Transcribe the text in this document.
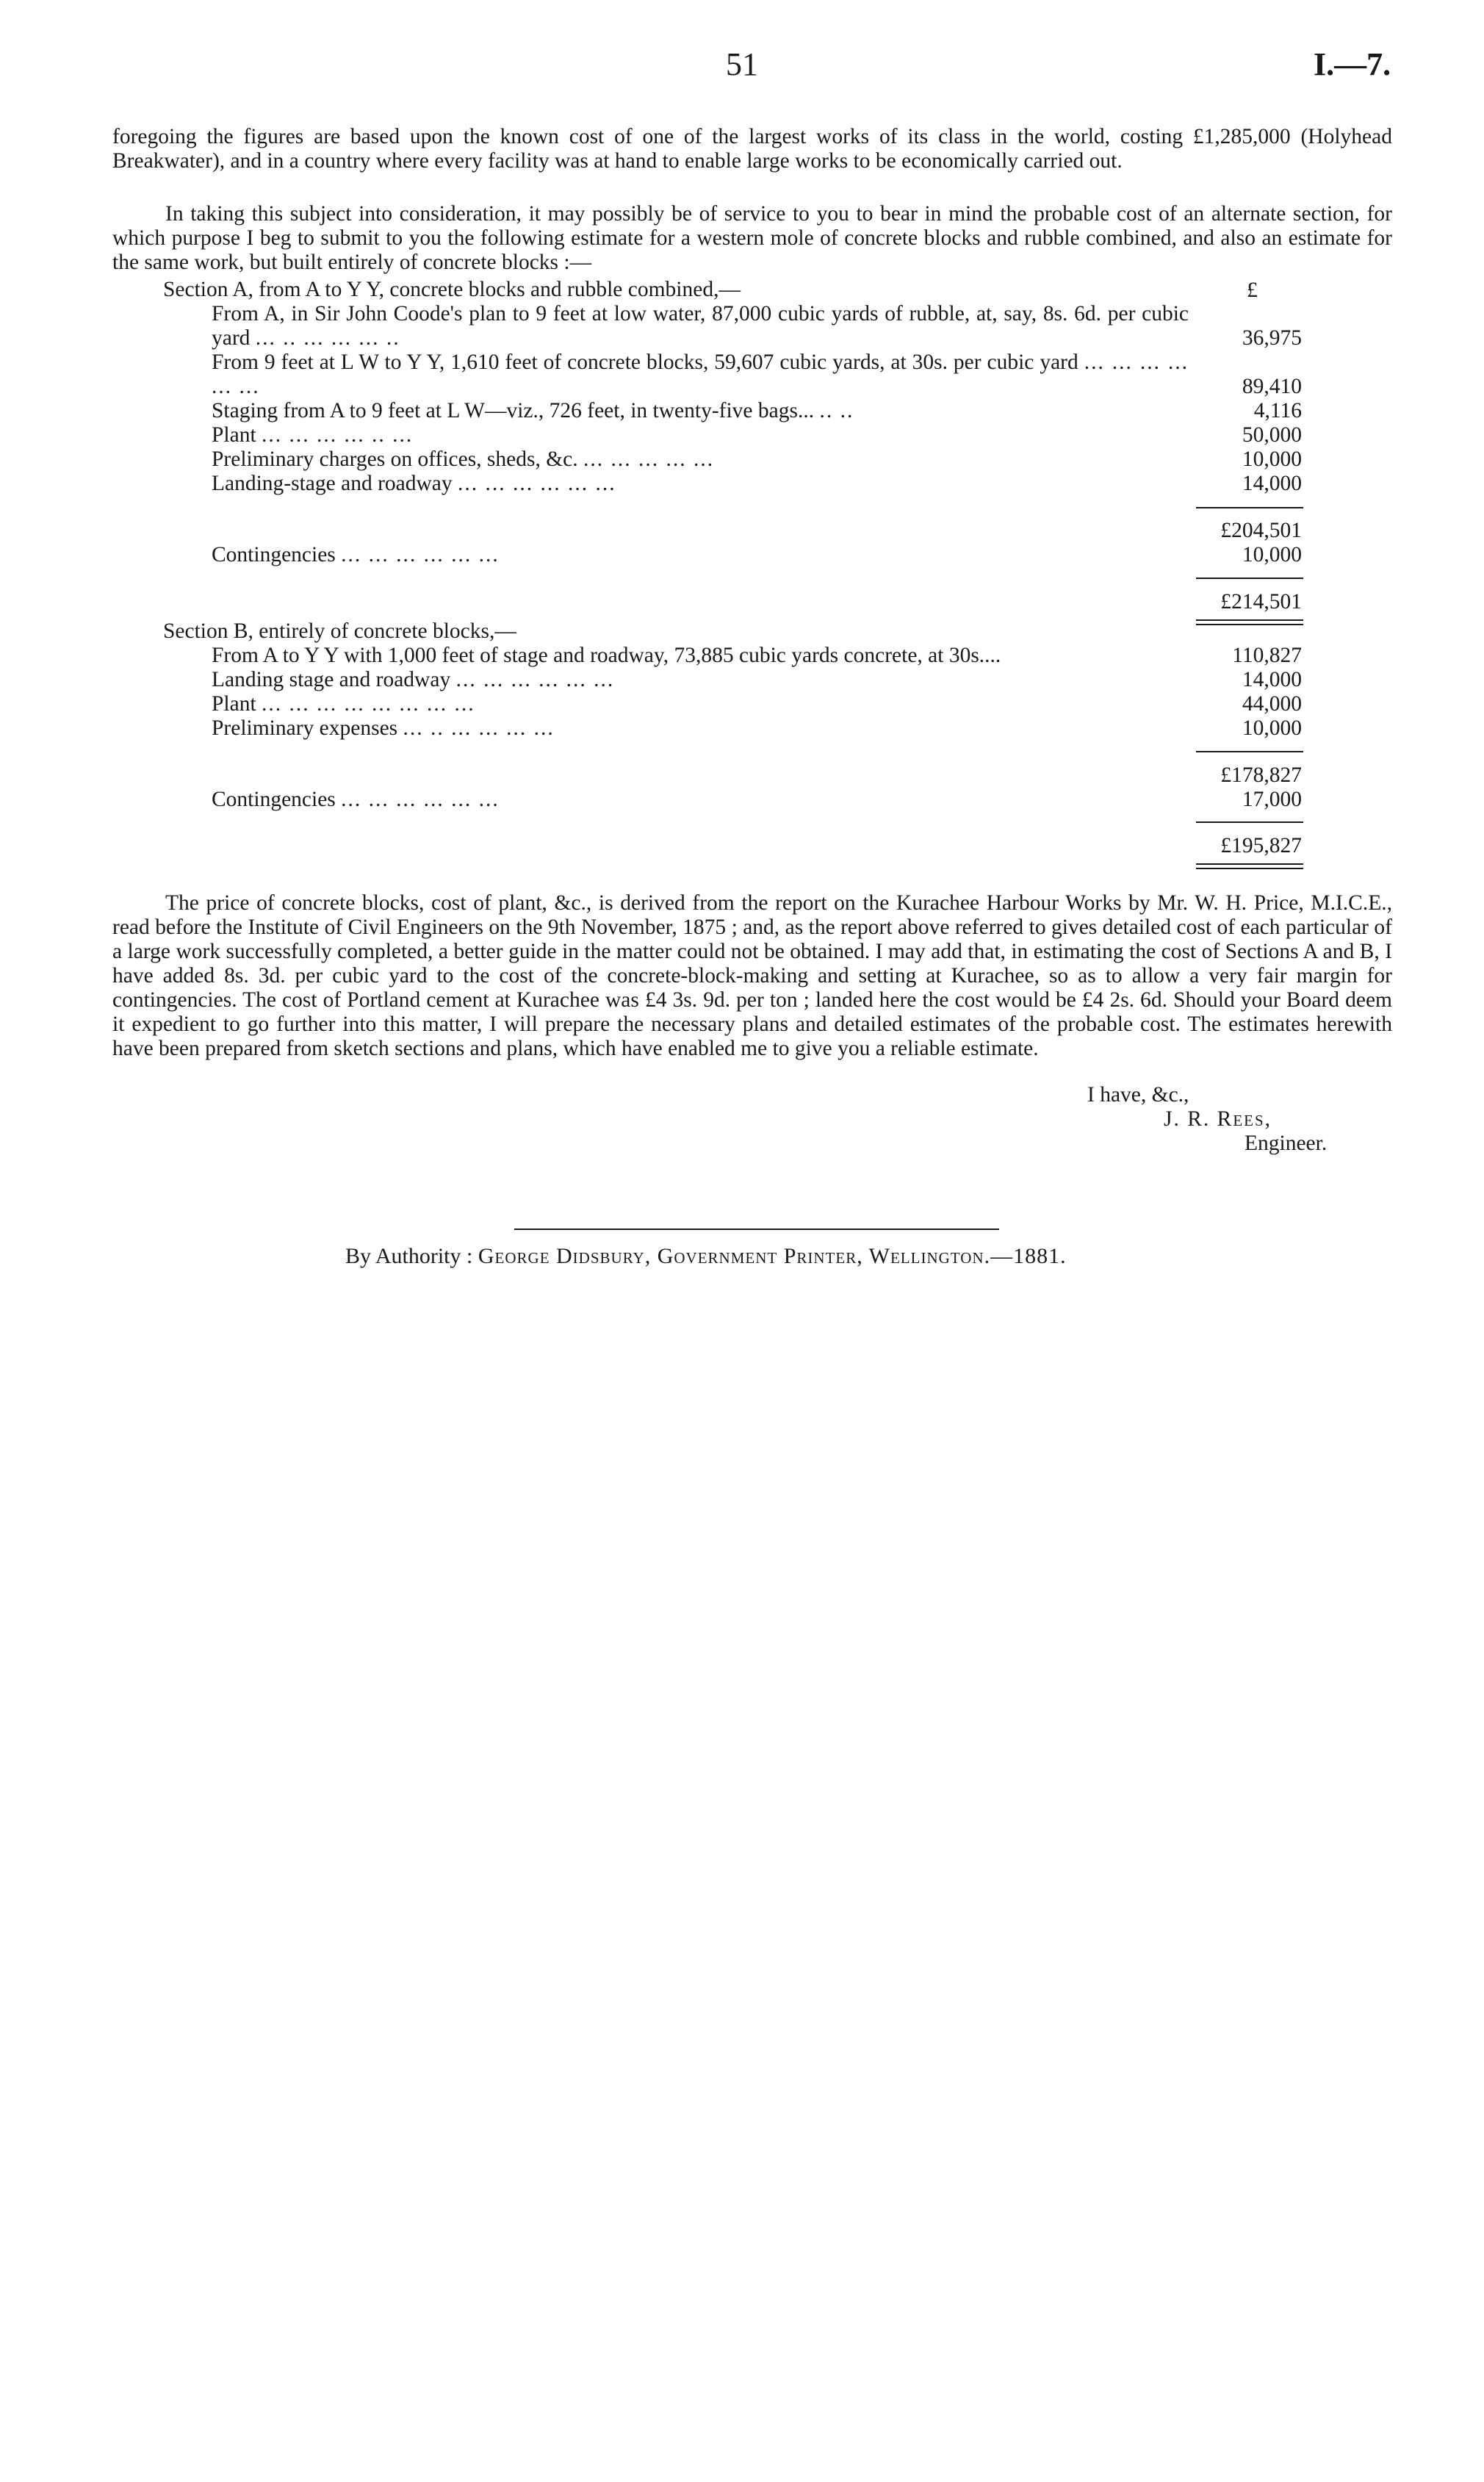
51	I.—7.
foregoing the figures are based upon the known cost of one of the largest works of its class in the world, costing £1,285,000 (Holyhead Breakwater), and in a country where every facility was at hand to enable large works to be economically carried out.
In taking this subject into consideration, it may possibly be of service to you to bear in mind the probable cost of an alternate section, for which purpose I beg to submit to you the following estimate for a western mole of concrete blocks and rubble combined, and also an estimate for the same work, but built entirely of concrete blocks :—
Section A, from A to Y Y, concrete blocks and rubble combined,—	£
From A, in Sir John Coode's plan to 9 feet at low water, 87,000 cubic yards of rubble, at, say, 8s. 6d. per cubic yard ... .. ... ... ... ..	36,975
From 9 feet at L W to Y Y, 1,610 feet of concrete blocks, 59,607 cubic yards, at 30s. per cubic yard ... ... ... ... ... ...	89,410
Staging from A to 9 feet at L W—viz., 726 feet, in twenty-five bags... .. ..	4,116
Plant ... ... ... ... .. ...	50,000
Preliminary charges on offices, sheds, &c. ... ... ... ... ...	10,000
Landing-stage and roadway ... ... ... ... ... ...	14,000
£204,501
Contingencies ... ... ... ... ... ...	10,000
£214,501
Section B, entirely of concrete blocks,—
From A to Y Y with 1,000 feet of stage and roadway, 73,885 cubic yards concrete, at 30s....	110,827
Landing stage and roadway ... ... ... ... ... ...	14,000
Plant ... ... ... ... ... ... ... ...	44,000
Preliminary expenses ... .. ... ... ... ...	10,000
£178,827
Contingencies ... ... ... ... ... ...	17,000
£195,827
The price of concrete blocks, cost of plant, &c., is derived from the report on the Kurachee Harbour Works by Mr. W. H. Price, M.I.C.E., read before the Institute of Civil Engineers on the 9th November, 1875 ; and, as the report above referred to gives detailed cost of each particular of a large work successfully completed, a better guide in the matter could not be obtained. I may add that, in estimating the cost of Sections A and B, I have added 8s. 3d. per cubic yard to the cost of the concrete-block-making and setting at Kurachee, so as to allow a very fair margin for contingencies. The cost of Portland cement at Kurachee was £4 3s. 9d. per ton ; landed here the cost would be £4 2s. 6d. Should your Board deem it expedient to go further into this matter, I will prepare the necessary plans and detailed estimates of the probable cost. The estimates herewith have been prepared from sketch sections and plans, which have enabled me to give you a reliable estimate.
I have, &c.,
J. R. Rees,
Engineer.
By Authority : George Didsbury, Government Printer, Wellington.—1881.
